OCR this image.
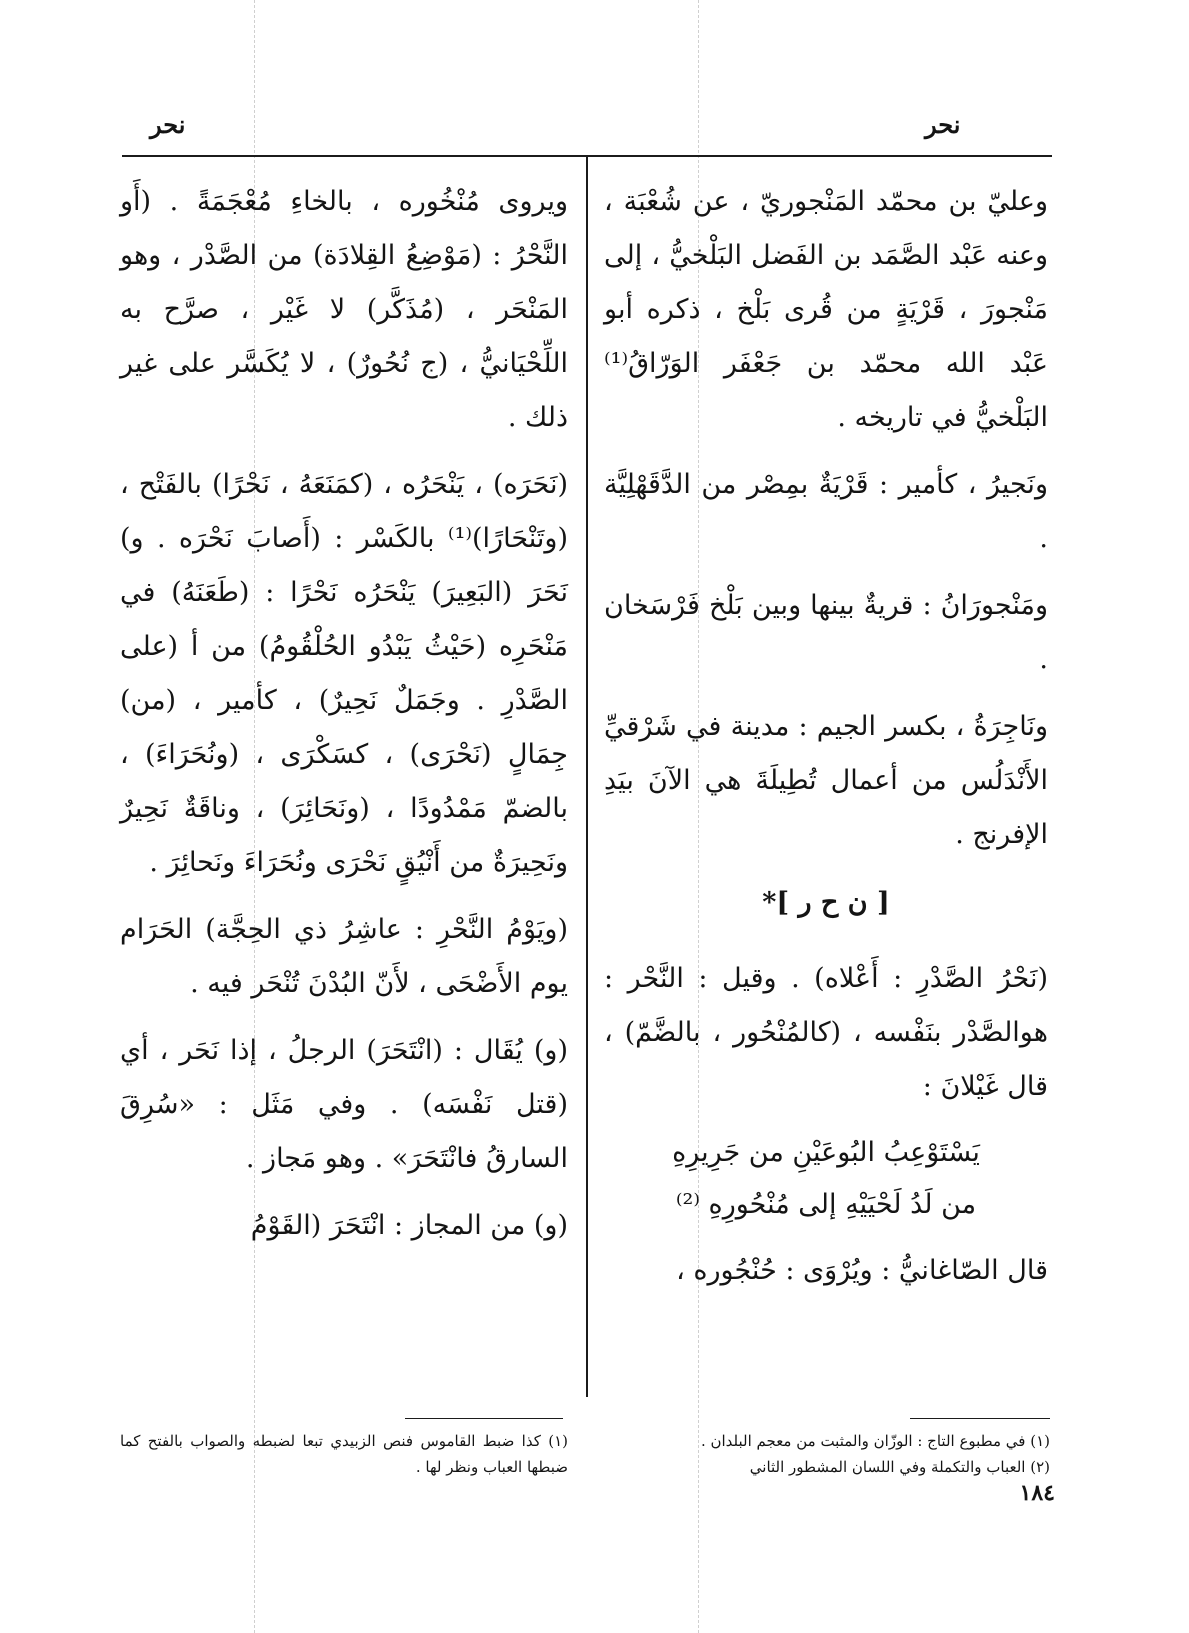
نحر	نحر

وعليّ بن محمّد المَنْجوريّ ، عن شُعْبَة ، وعنه عَبْد الصَّمَد بن الفَضل البَلْخيُّ ، إلى مَنْجورَ ، قَرْيَةٍ من قُرى بَلْخ ، ذكره أبو عَبْد الله محمّد بن جَعْفَر الوَرّاقُ⁽¹⁾ البَلْخيُّ في تاريخه .

ونَجيرُ ، كأمير : قَرْيَةٌ بمِصْر من الدَّقَهْلِيَّة .

ومَنْجورَانُ : قريةٌ بينها وبين بَلْخ فَرْسَخان .

ونَاجِرَةُ ، بكسر الجيم : مدينة في شَرْقيِّ الأَنْدَلُس من أعمال تُطِيلَةَ هي الآنَ بيَدِ الإفرنج .

[ ن ح ر ]*

(نَحْرُ الصَّدْرِ : أَعْلاه) . وقيل : النَّحْر : هوالصَّدْر بنَفْسه ، (كالمُنْحُور ، بالضَّمّ) ، قال غَيْلانَ :

يَسْتَوْعِبُ البُوعَيْنِ من جَرِيرِهِ
من لَدُ لَحْيَيْهِ إلى مُنْحُورِهِ ⁽²⁾

قال الصّاغانيُّ : ويُرْوَى : حُنْجُوره ،

ويروى مُنْخُوره ، بالخاءِ مُعْجَمَةً . (أَو النَّحْرُ : (مَوْضِعُ القِلادَة) من الصَّدْر ، وهو المَنْحَر ، (مُذَكَّر) لا غَيْر ، صرَّح به اللِّحْيَانيُّ ، (ج نُحُورٌ) ، لا يُكَسَّر على غير ذلك .

(نَحَرَه) ، يَنْحَرُه ، (كمَنَعَهُ ، نَحْرًا) بالفَتْح ، (وتَنْحَارًا)⁽¹⁾ بالكَسْر : (أَصابَ نَحْرَه . و) نَحَرَ (البَعِيرَ) يَنْحَرُه نَحْرًا : (طَعَنَهُ) في مَنْحَرِه (حَيْثُ يَبْدُو الحُلْقُومُ) من أ (على الصَّدْرِ . وجَمَلٌ نَحِيرٌ) ، كأمير ، (من) جِمَالٍ (نَحْرَى) ، كسَكْرَى ، (ونُحَرَاءَ) ، بالضمّ مَمْدُودًا ، (ونَحَائِرَ) ، وناقَةٌ نَحِيرٌ ونَحِيرَةٌ من أَنْيُقٍ نَحْرَى ونُحَرَاءَ ونَحائِرَ .

(ويَوْمُ النَّحْرِ : عاشِرُ ذي الحِجَّة) الحَرَام يوم الأَضْحَى ، لأَنّ البُدْنَ تُنْحَر فيه .

(و) يُقَال : (انْتَحَرَ) الرجلُ ، إذا نَحَر ، أي (قتل نَفْسَه) . وفي مَثَل : «سُرِقَ السارقُ فانْتَحَرَ» . وهو مَجاز .

(و) من المجاز : انْتَحَرَ (القَوْمُ

(١) في مطبوع التاج : الوزّان والمثبت من معجم البلدان .

(٢) العباب والتكملة وفي اللسان المشطور الثاني

(١) كذا ضبط القاموس فنص الزبيدي تبعا لضبطه والصواب بالفتح كما ضبطها العباب ونظر لها .

١٨٤
